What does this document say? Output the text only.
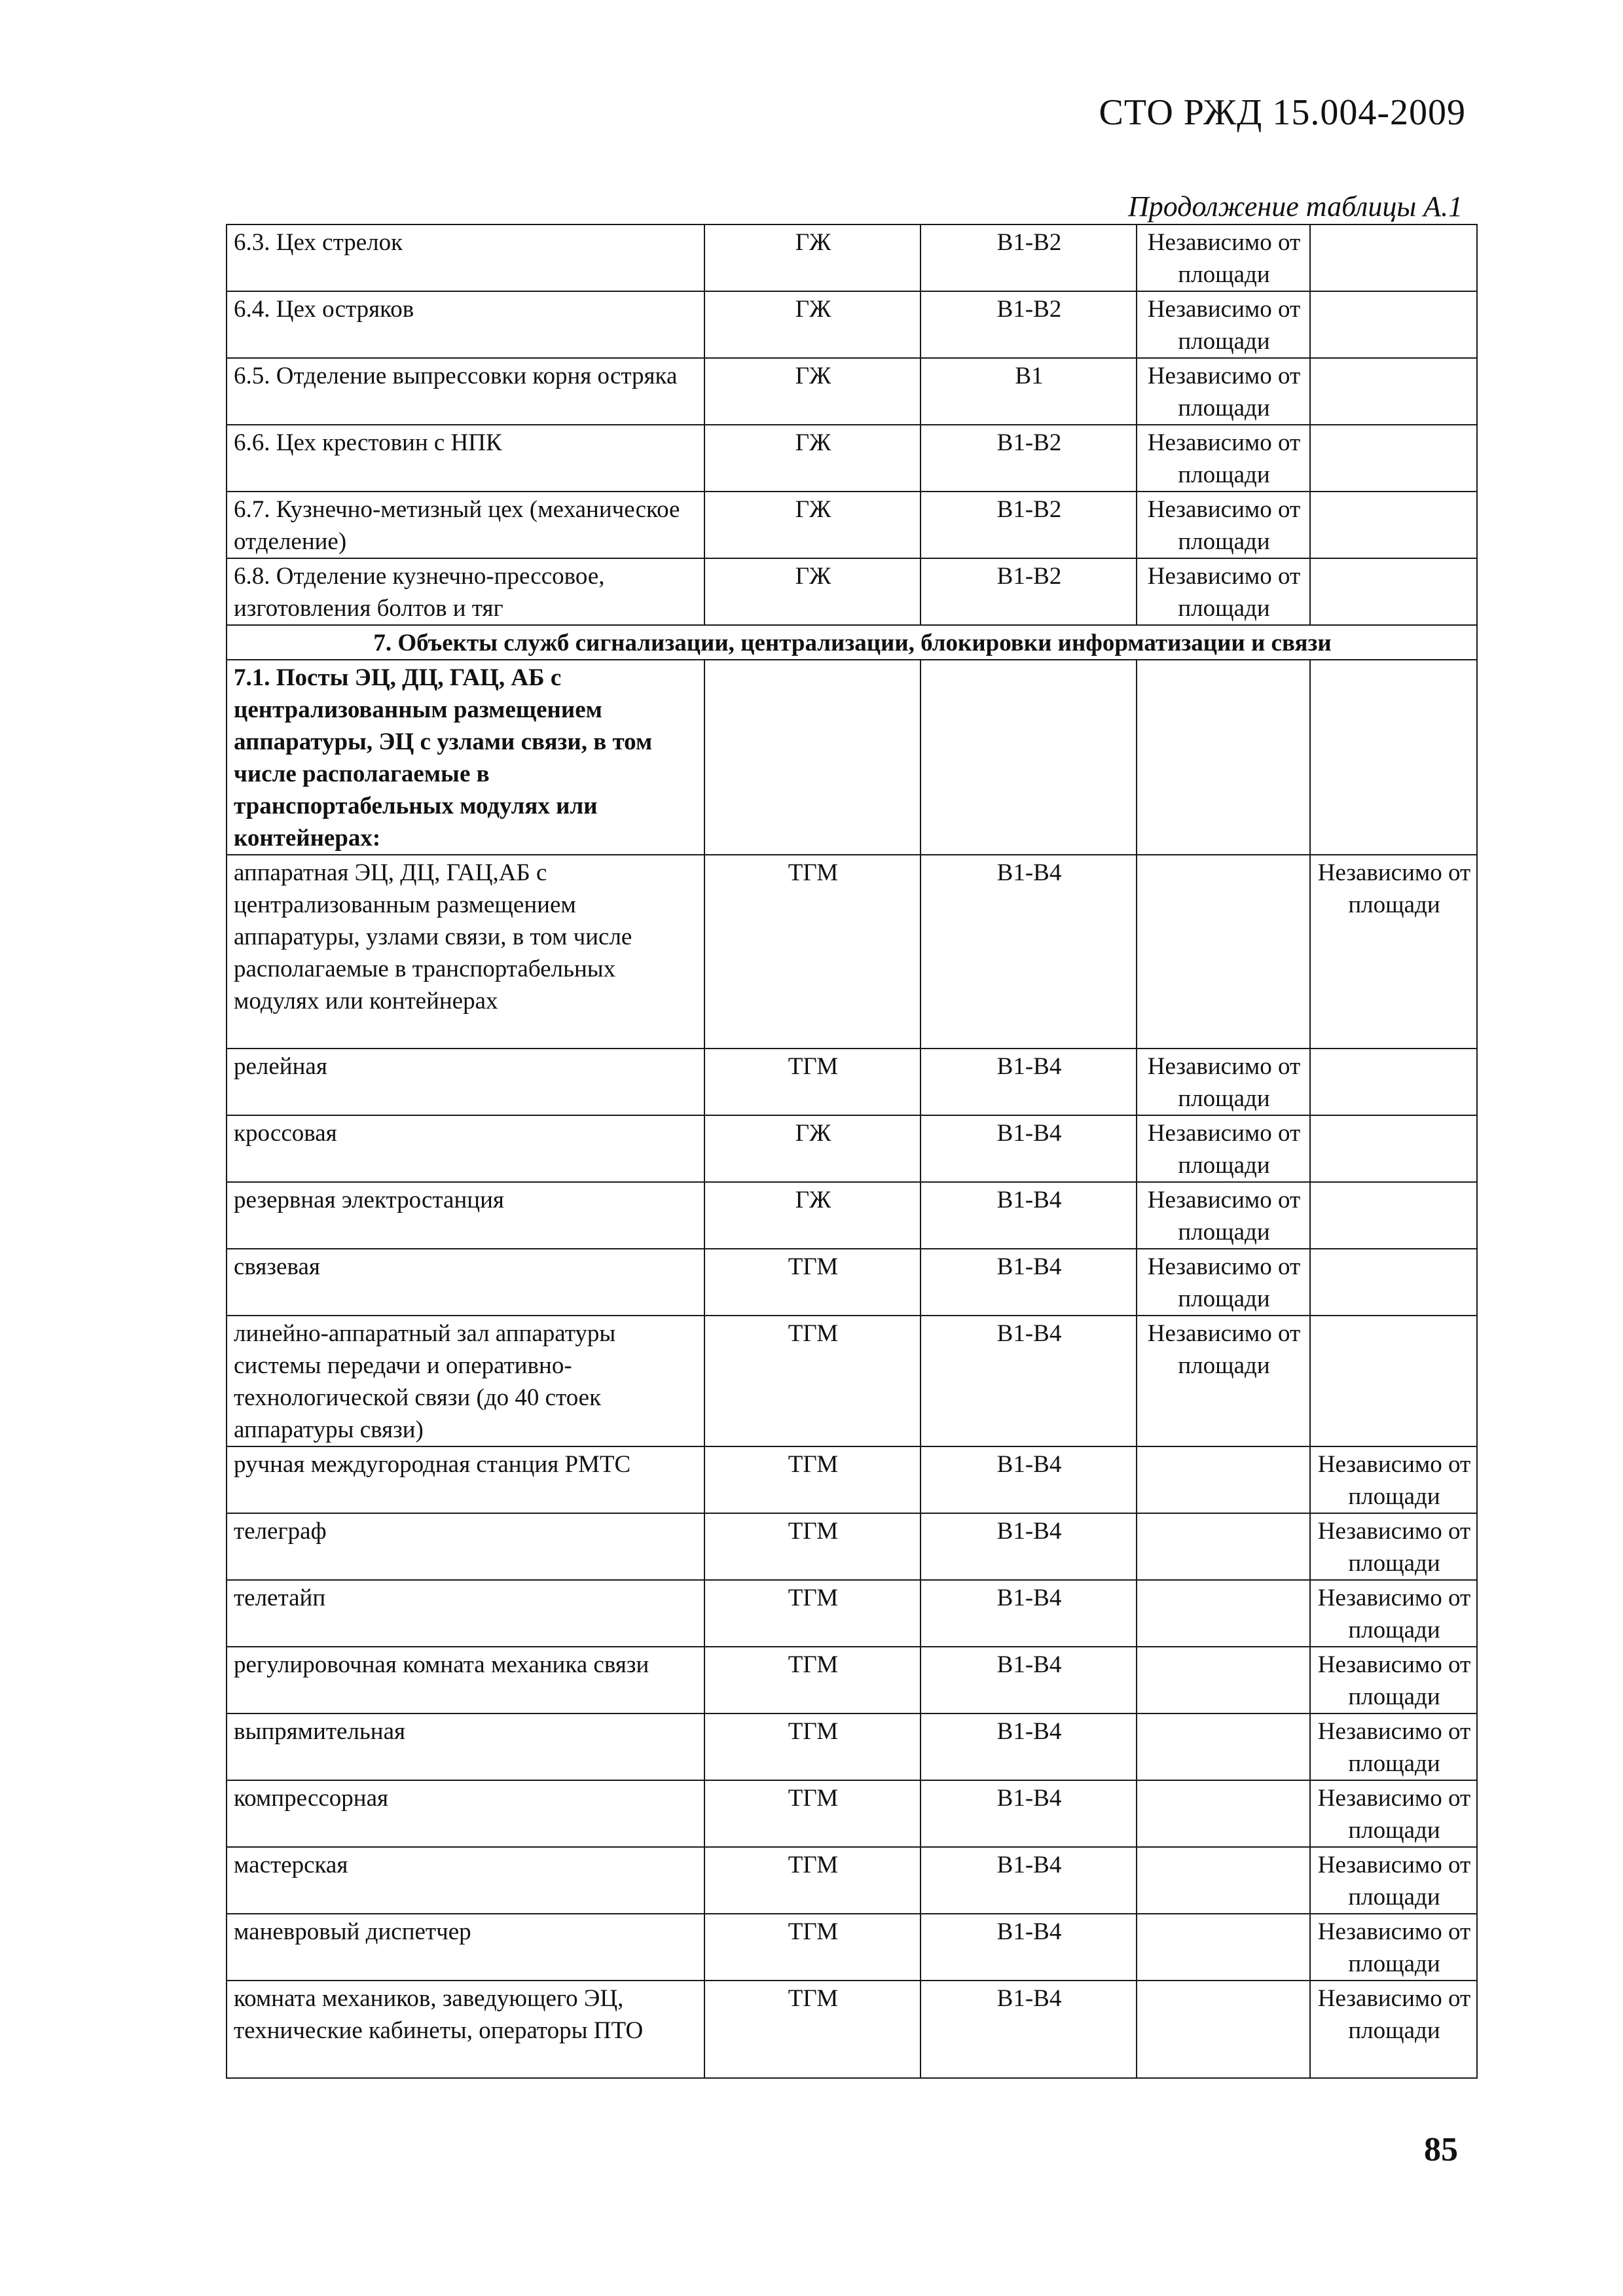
СТО РЖД 15.004-2009
Продолжение таблицы А.1
6.3. Цех стрелок	ГЖ	В1-В2	Независимо от площади	
6.4. Цех остряков	ГЖ	В1-В2	Независимо от площади	
6.5. Отделение выпрессовки корня остряка	ГЖ	В1	Независимо от площади	
6.6. Цех крестовин с НПК	ГЖ	В1-В2	Независимо от площади	
6.7. Кузнечно-метизный цех (механическое отделение)	ГЖ	В1-В2	Независимо от площади	
6.8. Отделение кузнечно-прессовое, изготовления болтов и тяг	ГЖ	В1-В2	Независимо от площади	
7. Объекты служб сигнализации, централизации, блокировки информатизации и связи				
7.1. Посты ЭЦ, ДЦ, ГАЦ, АБ с централизованным размещением аппаратуры, ЭЦ с узлами связи, в том числе располагаемые в транспортабельных модулях или контейнерах:				
аппаратная ЭЦ, ДЦ, ГАЦ,АБ с централизованным размещением аппаратуры, узлами связи, в том числе располагаемые в транспортабельных модулях или контейнерах	ТГМ	В1-В4		Независимо от площади
релейная	ТГМ	В1-В4	Независимо от площади	
кроссовая	ГЖ	В1-В4	Независимо от площади	
резервная электростанция	ГЖ	В1-В4	Независимо от площади	
связевая	ТГМ	В1-В4	Независимо от площади	
линейно-аппаратный зал аппаратуры системы передачи и оперативно-технологической связи (до 40 стоек аппаратуры связи)	ТГМ	В1-В4	Независимо от площади	
ручная междугородная станция РМТС	ТГМ	В1-В4		Независимо от площади
телеграф	ТГМ	В1-В4		Независимо от площади
телетайп	ТГМ	В1-В4		Независимо от площади
регулировочная комната механика связи	ТГМ	В1-В4		Независимо от площади
выпрямительная	ТГМ	В1-В4		Независимо от площади
компрессорная	ТГМ	В1-В4		Независимо от площади
мастерская	ТГМ	В1-В4		Независимо от площади
маневровый диспетчер	ТГМ	В1-В4		Независимо от площади
комната механиков, заведующего ЭЦ, технические кабинеты, операторы ПТО	ТГМ	В1-В4		Независимо от площади
85
